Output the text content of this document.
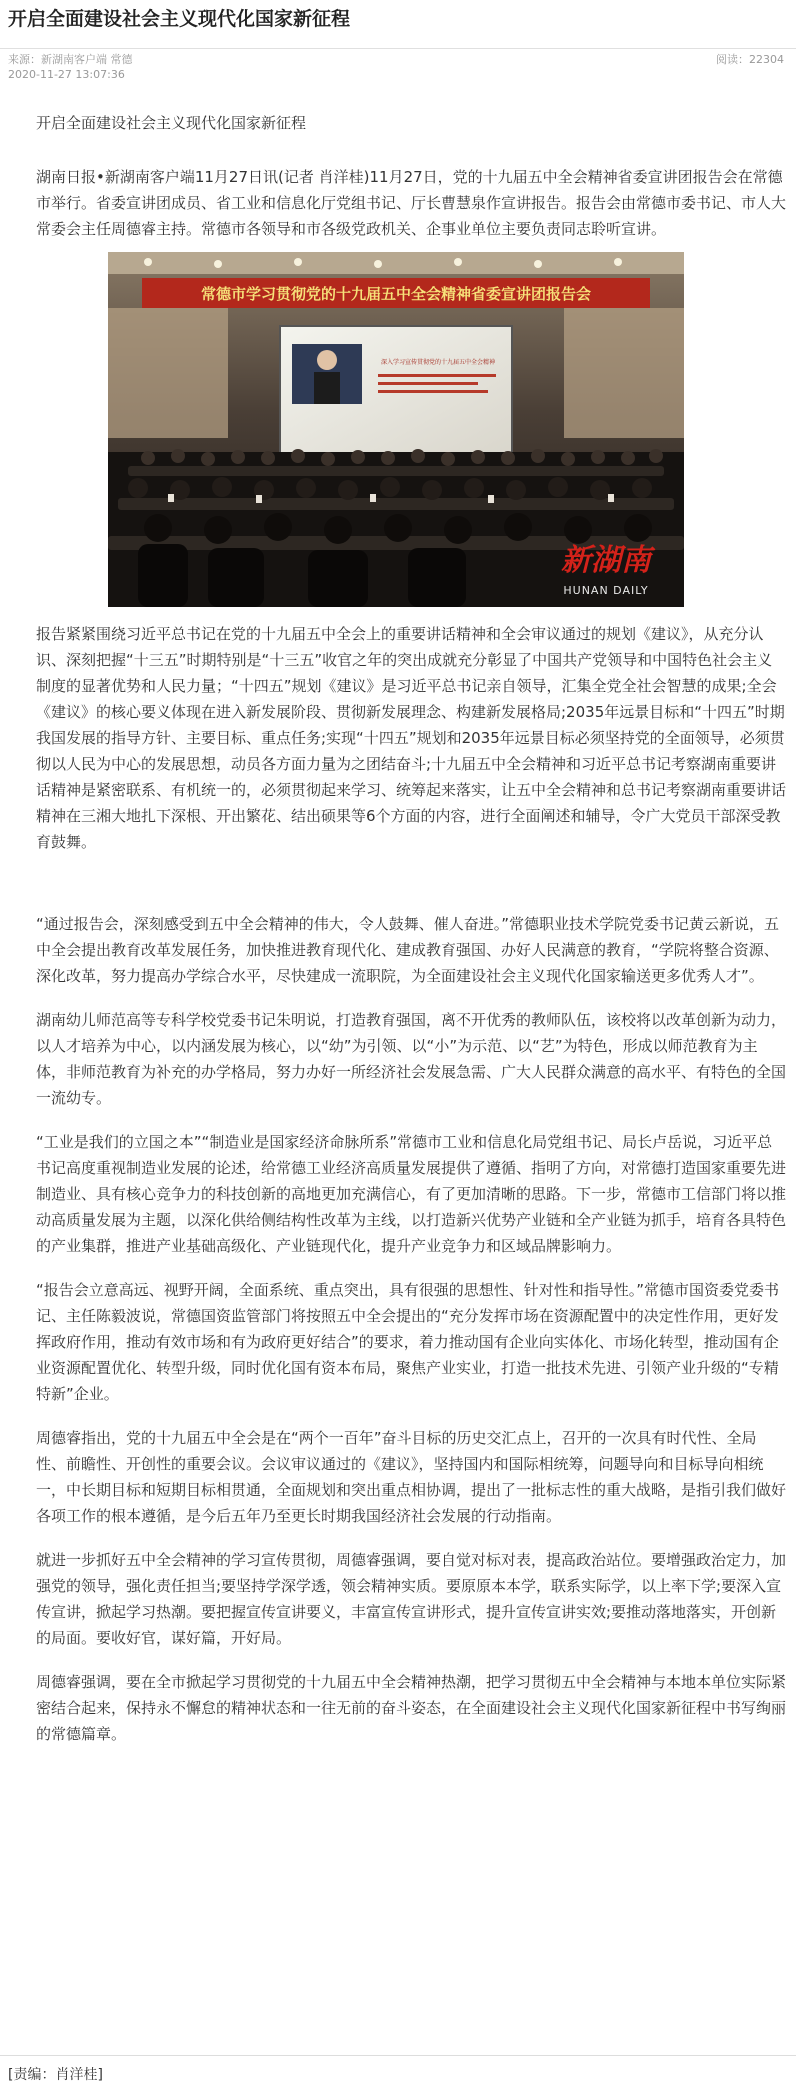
开启全面建设社会主义现代化国家新征程
来源：新湖南客户端 常德
2020-11-27 13:07:36
阅读：22304

开启全面建设社会主义现代化国家新征程

湖南日报•新湖南客户端11月27日讯(记者 肖洋桂)11月27日，党的十九届五中全会精神省委宣讲团报告会在常德市举行。省委宣讲团成员、省工业和信息化厅党组书记、厅长曹慧泉作宣讲报告。报告会由常德市委书记、市人大常委会主任周德睿主持。常德市各领导和市各级党政机关、企事业单位主要负责同志聆听宣讲。

常德市学习贯彻党的十九届五中全会精神省委宣讲团报告会
深入学习宣传贯彻党的十九届五中全会精神
新湖南
HUNAN DAILY

报告紧紧围绕习近平总书记在党的十九届五中全会上的重要讲话精神和全会审议通过的规划《建议》，从充分认识、深刻把握“十三五”时期特别是“十三五”收官之年的突出成就充分彰显了中国共产党领导和中国特色社会主义制度的显著优势和人民力量；“十四五”规划《建议》是习近平总书记亲自领导，汇集全党全社会智慧的成果;全会《建议》的核心要义体现在进入新发展阶段、贯彻新发展理念、构建新发展格局;2035年远景目标和“十四五”时期我国发展的指导方针、主要目标、重点任务;实现“十四五”规划和2035年远景目标必须坚持党的全面领导，必须贯彻以人民为中心的发展思想，动员各方面力量为之团结奋斗;十九届五中全会精神和习近平总书记考察湖南重要讲话精神是紧密联系、有机统一的，必须贯彻起来学习、统筹起来落实，让五中全会精神和总书记考察湖南重要讲话精神在三湘大地扎下深根、开出繁花、结出硕果等6个方面的内容，进行全面阐述和辅导，令广大党员干部深受教育鼓舞。

“通过报告会，深刻感受到五中全会精神的伟大，令人鼓舞、催人奋进。”常德职业技术学院党委书记黄云新说，五中全会提出教育改革发展任务，加快推进教育现代化、建成教育强国、办好人民满意的教育，“学院将整合资源、深化改革，努力提高办学综合水平，尽快建成一流职院，为全面建设社会主义现代化国家输送更多优秀人才”。

湖南幼儿师范高等专科学校党委书记朱明说，打造教育强国，离不开优秀的教师队伍，该校将以改革创新为动力，以人才培养为中心，以内涵发展为核心，以“幼”为引领、以“小”为示范、以“艺”为特色，形成以师范教育为主体，非师范教育为补充的办学格局，努力办好一所经济社会发展急需、广大人民群众满意的高水平、有特色的全国一流幼专。

“工业是我们的立国之本”“制造业是国家经济命脉所系”常德市工业和信息化局党组书记、局长卢岳说，习近平总书记高度重视制造业发展的论述，给常德工业经济高质量发展提供了遵循、指明了方向，对常德打造国家重要先进制造业、具有核心竞争力的科技创新的高地更加充满信心，有了更加清晰的思路。下一步，常德市工信部门将以推动高质量发展为主题，以深化供给侧结构性改革为主线，以打造新兴优势产业链和全产业链为抓手，培育各具特色的产业集群，推进产业基础高级化、产业链现代化，提升产业竞争力和区域品牌影响力。

“报告会立意高远、视野开阔，全面系统、重点突出，具有很强的思想性、针对性和指导性。”常德市国资委党委书记、主任陈毅波说，常德国资监管部门将按照五中全会提出的“充分发挥市场在资源配置中的决定性作用，更好发挥政府作用，推动有效市场和有为政府更好结合”的要求，着力推动国有企业向实体化、市场化转型，推动国有企业资源配置优化、转型升级，同时优化国有资本布局，聚焦产业实业，打造一批技术先进、引领产业升级的“专精特新”企业。

周德睿指出，党的十九届五中全会是在“两个一百年”奋斗目标的历史交汇点上，召开的一次具有时代性、全局性、前瞻性、开创性的重要会议。会议审议通过的《建议》，坚持国内和国际相统筹，问题导向和目标导向相统一，中长期目标和短期目标相贯通，全面规划和突出重点相协调，提出了一批标志性的重大战略，是指引我们做好各项工作的根本遵循，是今后五年乃至更长时期我国经济社会发展的行动指南。

就进一步抓好五中全会精神的学习宣传贯彻，周德睿强调，要自觉对标对表，提高政治站位。要增强政治定力，加强党的领导，强化责任担当;要坚持学深学透，领会精神实质。要原原本本学，联系实际学，以上率下学;要深入宣传宣讲，掀起学习热潮。要把握宣传宣讲要义，丰富宣传宣讲形式，提升宣传宣讲实效;要推动落地落实，开创新的局面。要收好官，谋好篇，开好局。

周德睿强调，要在全市掀起学习贯彻党的十九届五中全会精神热潮，把学习贯彻五中全会精神与本地本单位实际紧密结合起来，保持永不懈怠的精神状态和一往无前的奋斗姿态，在全面建设社会主义现代化国家新征程中书写绚丽的常德篇章。

[责编：肖洋桂]
